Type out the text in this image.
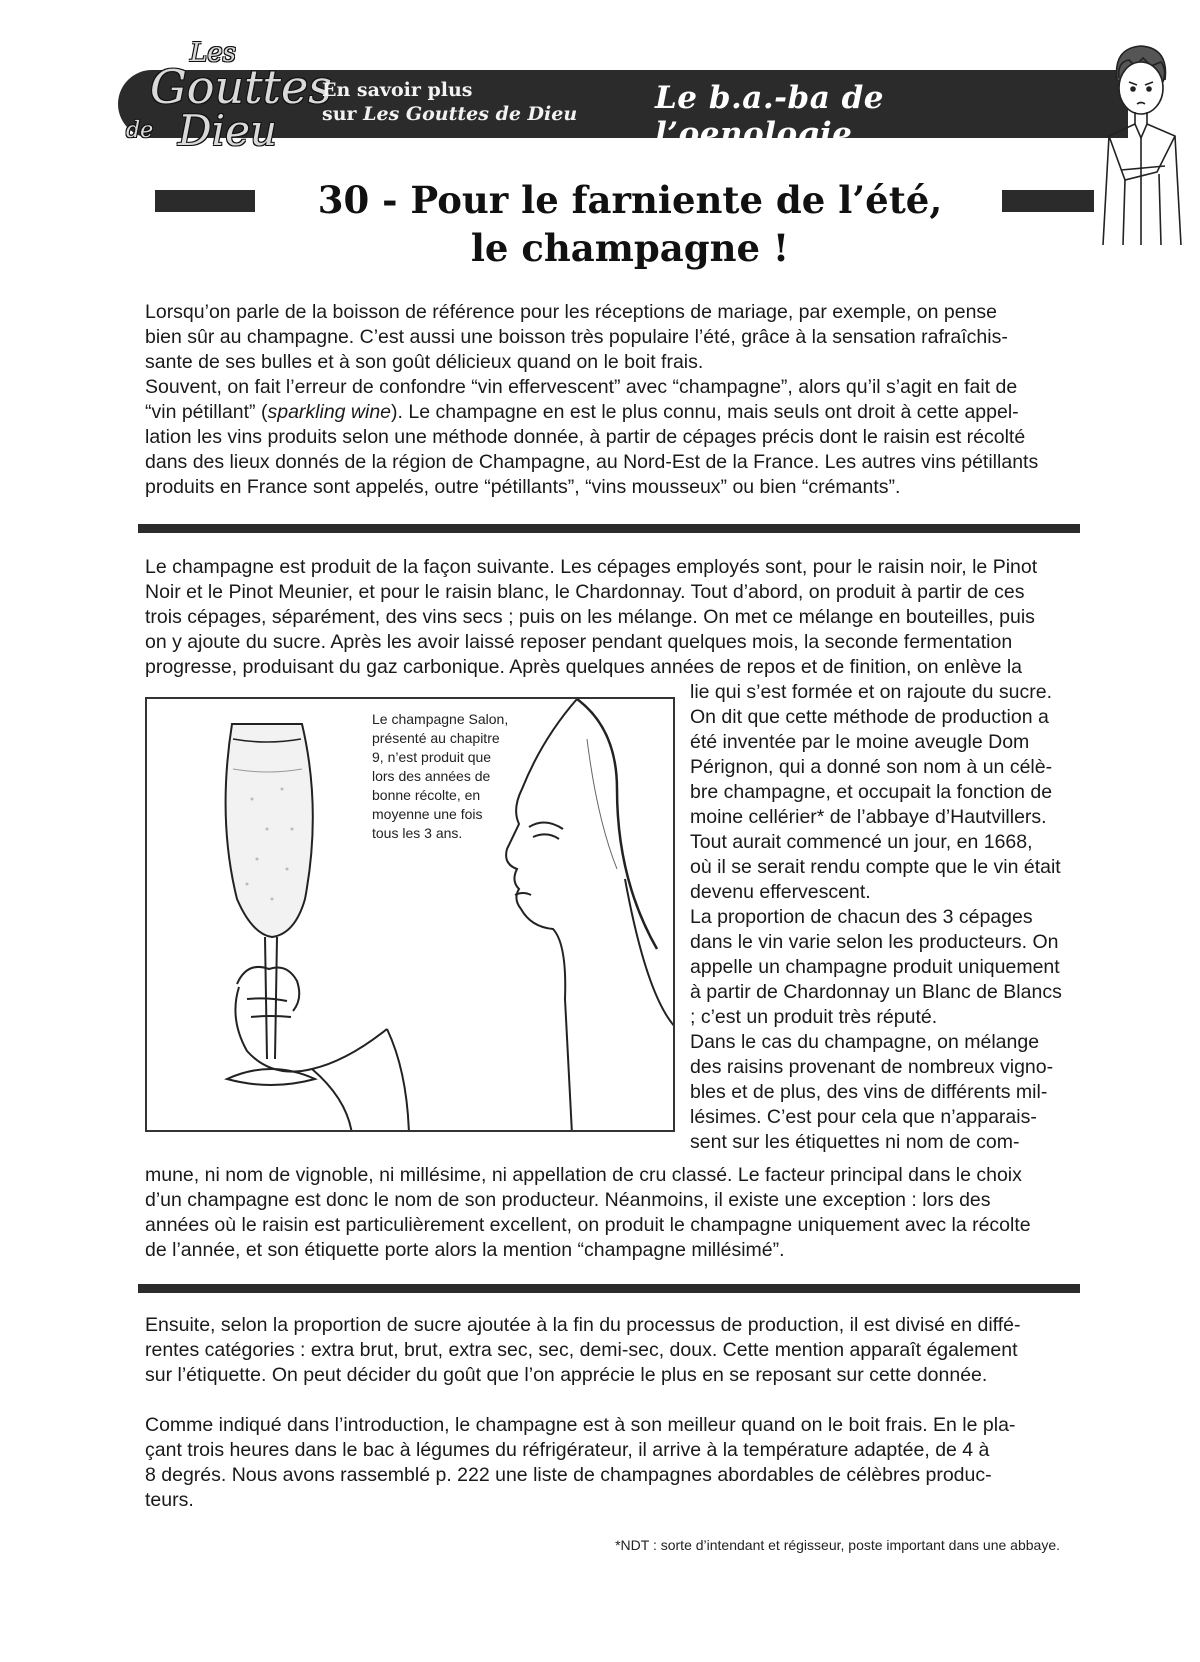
Les
Gouttes
de Dieu
En savoir plus
sur Les Gouttes de Dieu	Le b.a.-ba de l’oenologie
30 - Pour le farniente de l’été,
le champagne !

Lorsqu’on parle de la boisson de référence pour les réceptions de mariage, par exemple, on pense
bien sûr au champagne. C’est aussi une boisson très populaire l’été, grâce à la sensation rafraîchis-
sante de ses bulles et à son goût délicieux quand on le boit frais.

Souvent, on fait l’erreur de confondre “vin effervescent” avec “champagne”, alors qu’il s’agit en fait de
“vin pétillant” (sparkling wine). Le champagne en est le plus connu, mais seuls ont droit à cette appel-
lation les vins produits selon une méthode donnée, à partir de cépages précis dont le raisin est récolté
dans des lieux donnés de la région de Champagne, au Nord-Est de la France. Les autres vins pétillants
produits en France sont appelés, outre “pétillants”, “vins mousseux” ou bien “crémants”.

Le champagne est produit de la façon suivante. Les cépages employés sont, pour le raisin noir, le Pinot
Noir et le Pinot Meunier, et pour le raisin blanc, le Chardonnay. Tout d’abord, on produit à partir de ces
trois cépages, séparément, des vins secs ; puis on les mélange. On met ce mélange en bouteilles, puis
on y ajoute du sucre. Après les avoir laissé reposer pendant quelques mois, la seconde fermentation
progresse, produisant du gaz carbonique. Après quelques années de repos et de finition, on enlève la

Le champagne Salon,
présenté au chapitre
9, n’est produit que
lors des années de
bonne récolte, en
moyenne une fois
tous les 3 ans.

lie qui s’est formée et on rajoute du sucre.
On dit que cette méthode de production a
été inventée par le moine aveugle Dom
Pérignon, qui a donné son nom à un célè-
bre champagne, et occupait la fonction de
moine cellérier* de l’abbaye d’Hautvillers.
Tout aurait commencé un jour, en 1668,
où il se serait rendu compte que le vin était
devenu effervescent.
La proportion de chacun des 3 cépages
dans le vin varie selon les producteurs. On
appelle un champagne produit uniquement
à partir de Chardonnay un Blanc de Blancs
; c’est un produit très réputé.
Dans le cas du champagne, on mélange
des raisins provenant de nombreux vigno-
bles et de plus, des vins de différents mil-
lésimes. C’est pour cela que n’apparais-
sent sur les étiquettes ni nom de com-

mune, ni nom de vignoble, ni millésime, ni appellation de cru classé. Le facteur principal dans le choix
d’un champagne est donc le nom de son producteur. Néanmoins, il existe une exception : lors des
années où le raisin est particulièrement excellent, on produit le champagne uniquement avec la récolte
de l’année, et son étiquette porte alors la mention “champagne millésimé”.

Ensuite, selon la proportion de sucre ajoutée à la fin du processus de production, il est divisé en diffé-
rentes catégories : extra brut, brut, extra sec, sec, demi-sec, doux. Cette mention apparaît également
sur l’étiquette. On peut décider du goût que l’on apprécie le plus en se reposant sur cette donnée.

Comme indiqué dans l’introduction, le champagne est à son meilleur quand on le boit frais. En le pla-
çant trois heures dans le bac à légumes du réfrigérateur, il arrive à la température adaptée, de 4 à
8 degrés. Nous avons rassemblé p. 222 une liste de champagnes abordables de célèbres produc-
teurs.

*NDT : sorte d’intendant et régisseur, poste important dans une abbaye.
